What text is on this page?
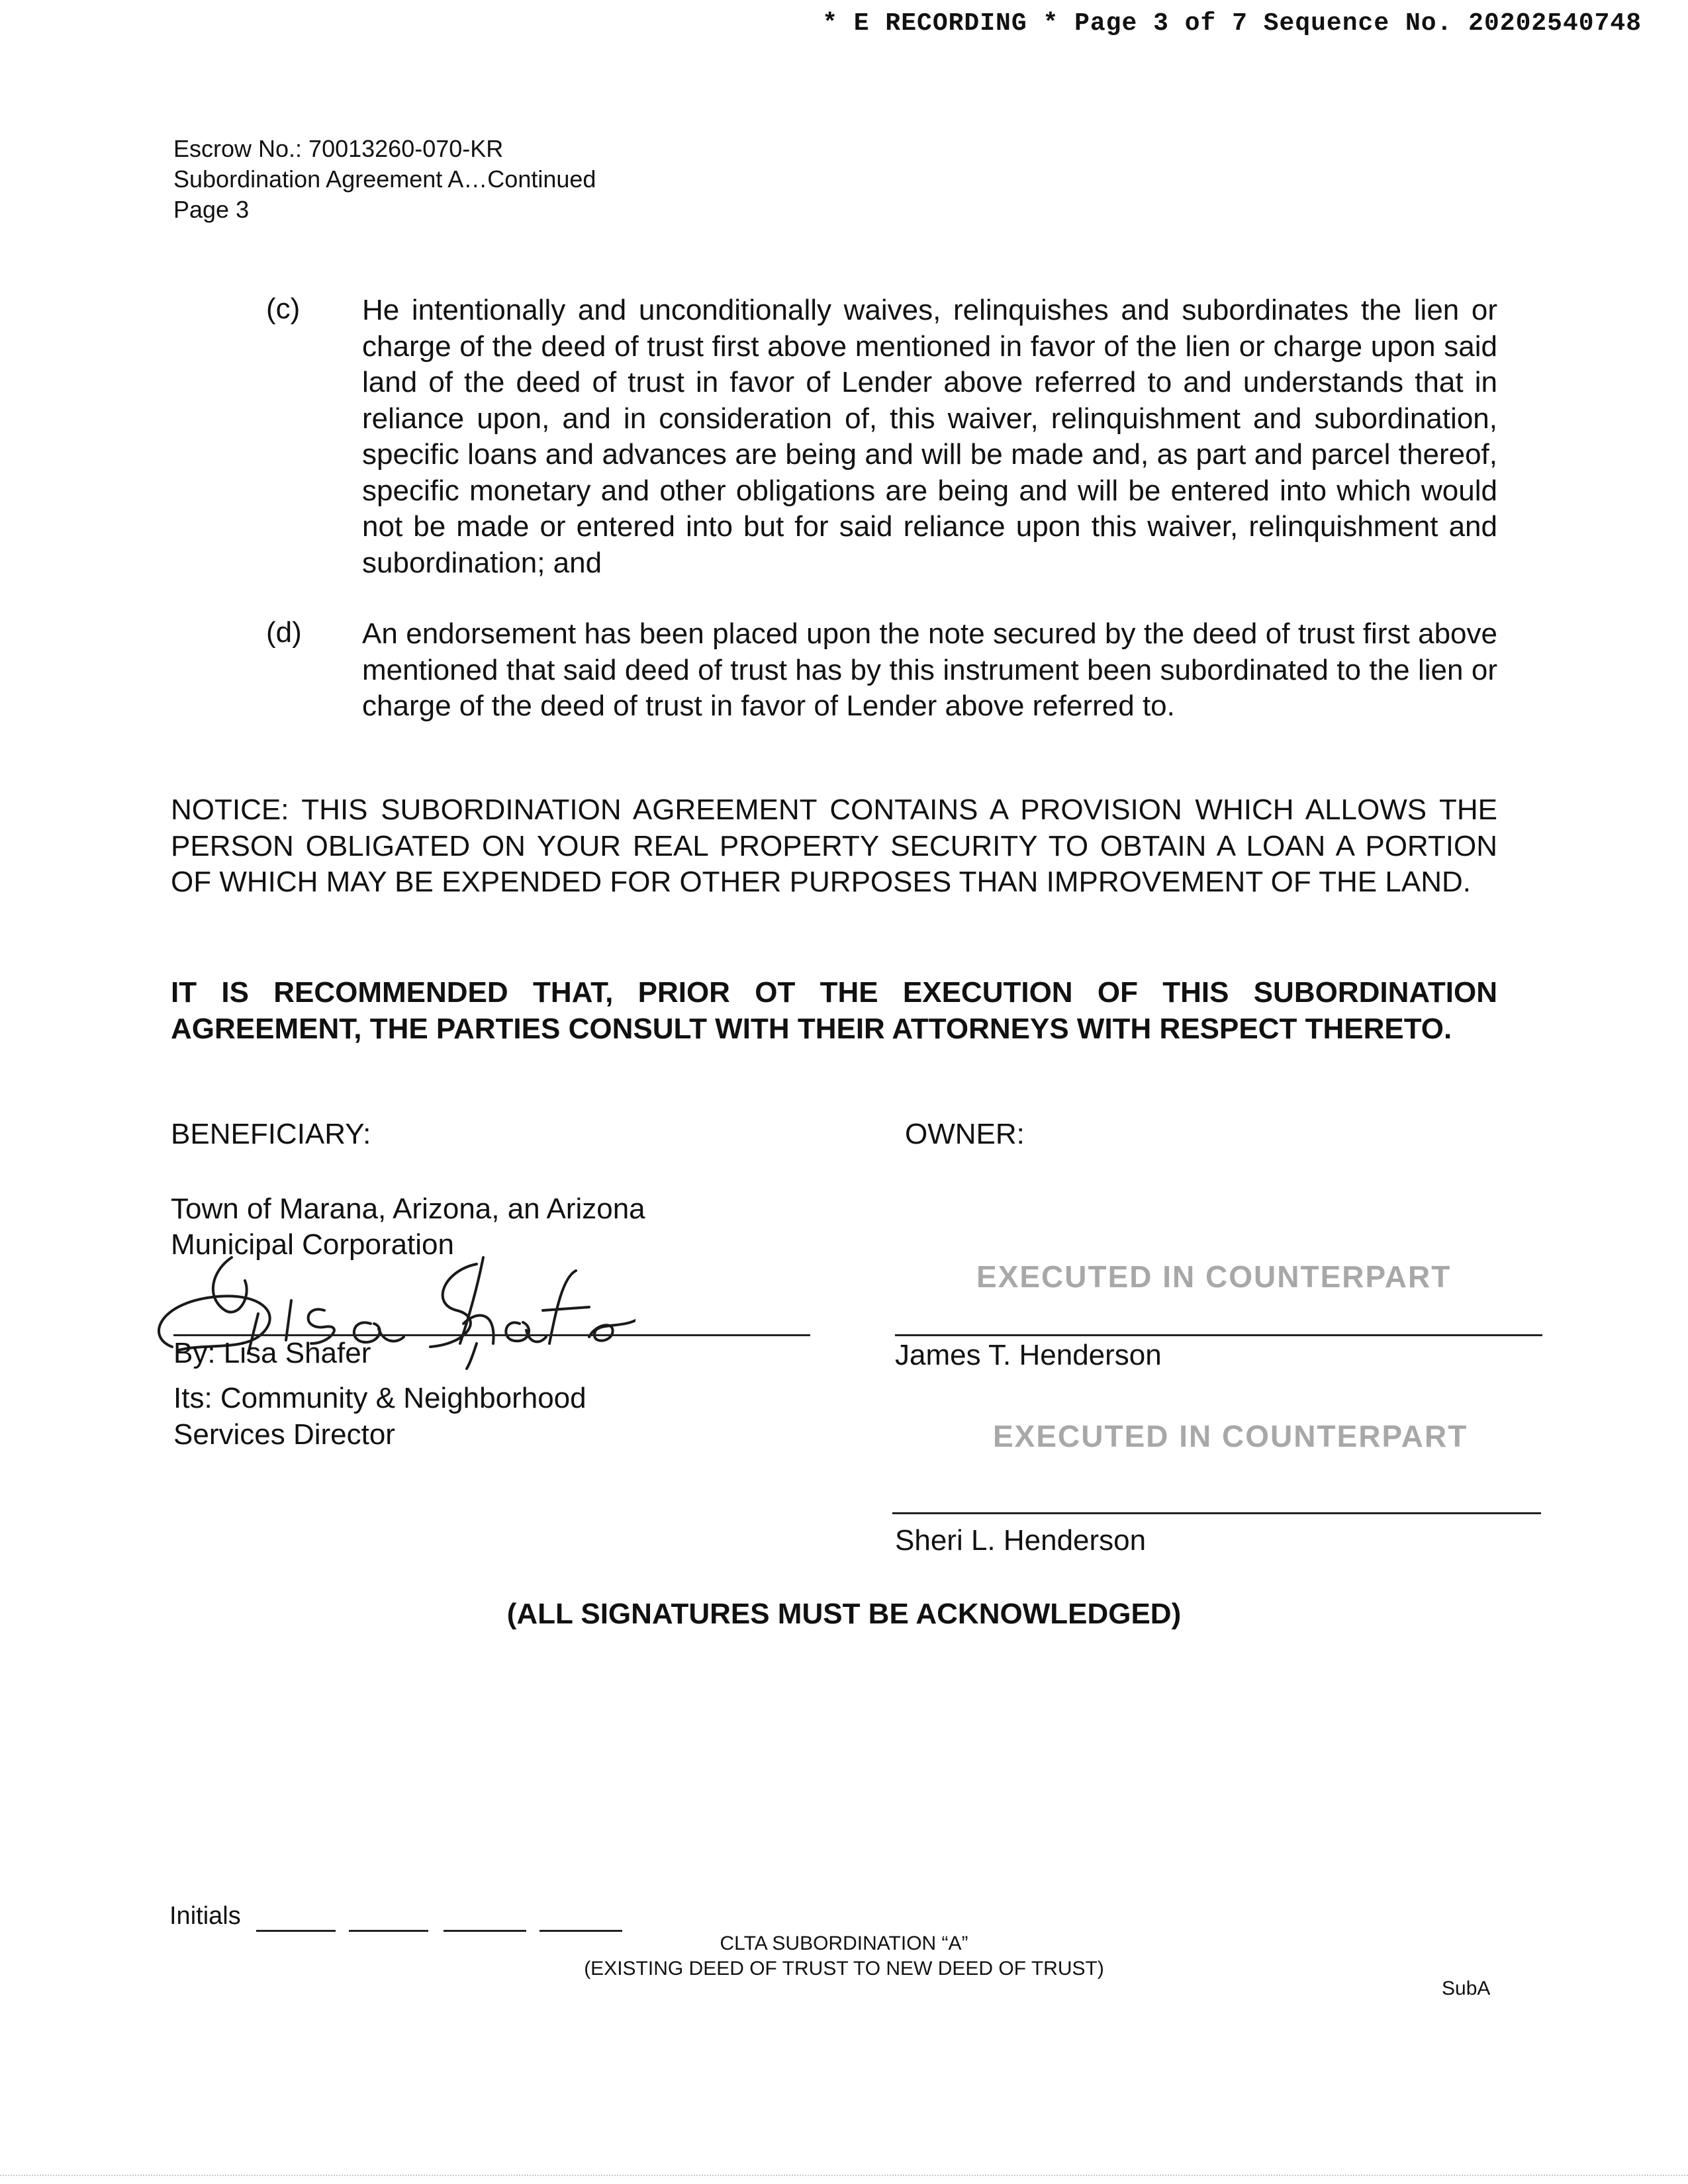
* E RECORDING * Page 3 of 7 Sequence No. 20202540748
Escrow No.: 70013260-070-KR
Subordination Agreement A…Continued
Page 3
(c) He intentionally and unconditionally waives, relinquishes and subordinates the lien or charge of the deed of trust first above mentioned in favor of the lien or charge upon said land of the deed of trust in favor of Lender above referred to and understands that in reliance upon, and in consideration of, this waiver, relinquishment and subordination, specific loans and advances are being and will be made and, as part and parcel thereof, specific monetary and other obligations are being and will be entered into which would not be made or entered into but for said reliance upon this waiver, relinquishment and subordination; and
(d) An endorsement has been placed upon the note secured by the deed of trust first above mentioned that said deed of trust has by this instrument been subordinated to the lien or charge of the deed of trust in favor of Lender above referred to.
NOTICE: THIS SUBORDINATION AGREEMENT CONTAINS A PROVISION WHICH ALLOWS THE PERSON OBLIGATED ON YOUR REAL PROPERTY SECURITY TO OBTAIN A LOAN A PORTION OF WHICH MAY BE EXPENDED FOR OTHER PURPOSES THAN IMPROVEMENT OF THE LAND.
IT IS RECOMMENDED THAT, PRIOR OT THE EXECUTION OF THIS SUBORDINATION AGREEMENT, THE PARTIES CONSULT WITH THEIR ATTORNEYS WITH RESPECT THERETO.
BENEFICIARY:
Town of Marana, Arizona, an Arizona
Municipal Corporation
By: Lisa Shafer
Its: Community & Neighborhood
Services Director
OWNER:
EXECUTED IN COUNTERPART
James T. Henderson
EXECUTED IN COUNTERPART
Sheri L. Henderson
(ALL SIGNATURES MUST BE ACKNOWLEDGED)
Initials
CLTA SUBORDINATION “A”
(EXISTING DEED OF TRUST TO NEW DEED OF TRUST)
SubA
